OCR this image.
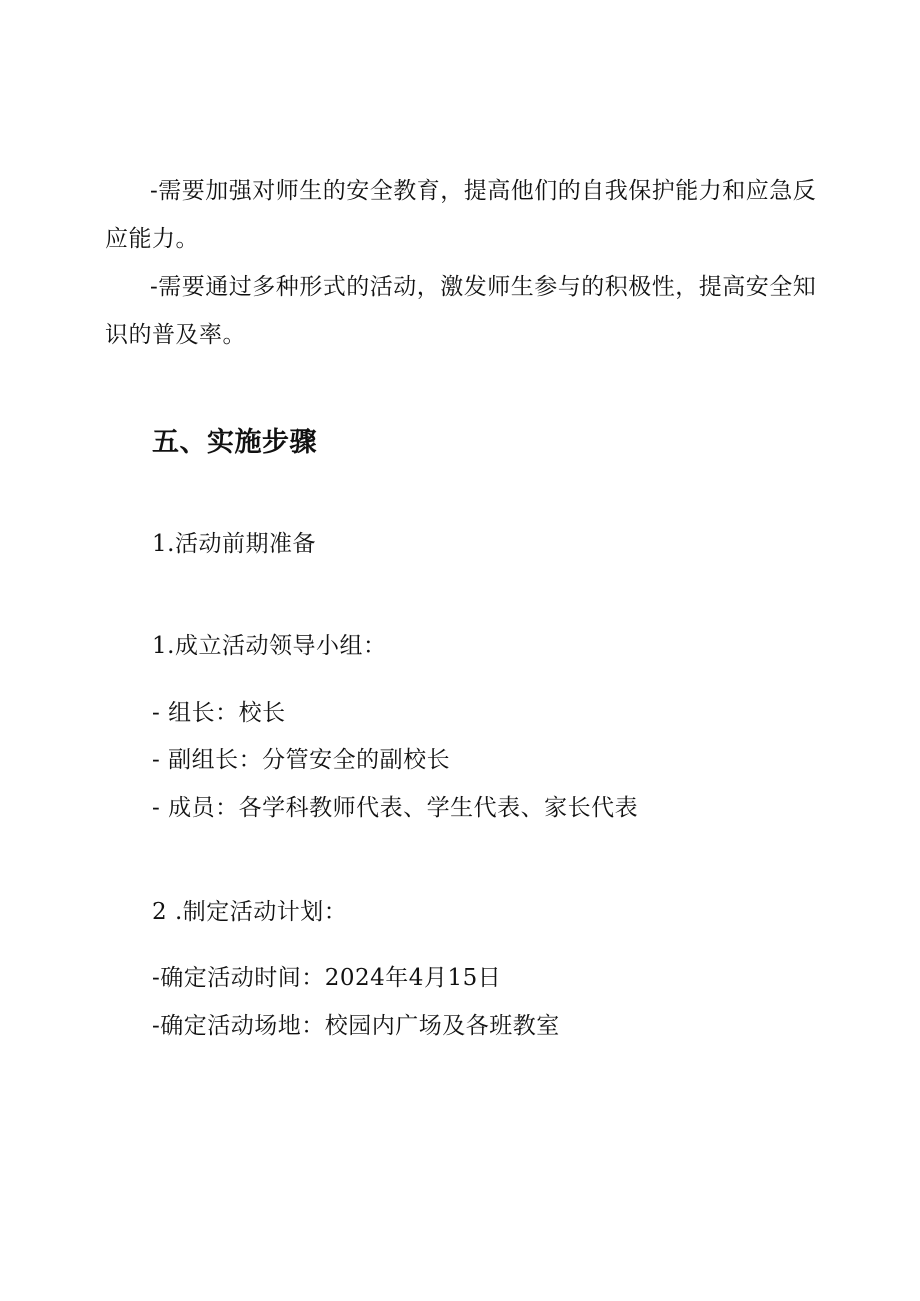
-需要加强对师生的安全教育，提高他们的自我保护能力和应急反
应能力。
-需要通过多种形式的活动，激发师生参与的积极性，提高安全知
识的普及率。
五、实施步骤
1.活动前期准备
1.成立活动领导小组：
- 组长：校长
- 副组长：分管安全的副校长
- 成员：各学科教师代表、学生代表、家长代表
2 .制定活动计划：
-确定活动时间：2024年4月15日
-确定活动场地：校园内广场及各班教室
